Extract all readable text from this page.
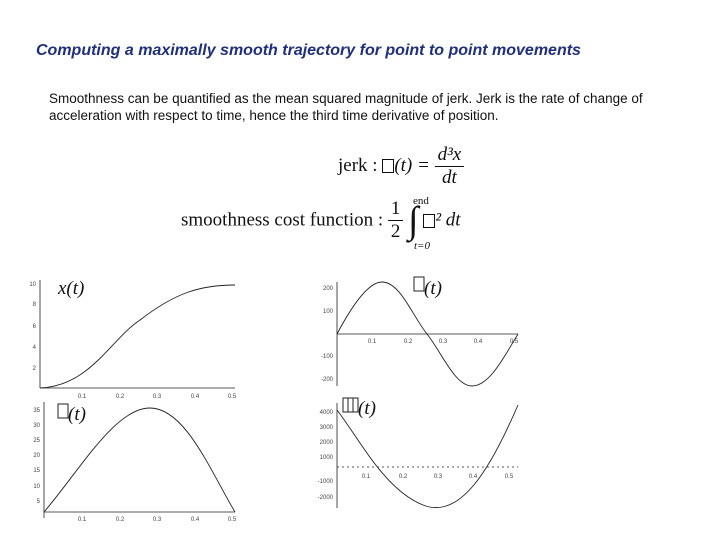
Computing a maximally smooth trajectory for point to point movements
Smoothness can be quantified as the mean squared magnitude of jerk. Jerk is the rate of change of acceleration with respect to time, hence the third time derivative of position.
jerk : $(t) = \frac{\text{d³x}}{dt}$
smoothness cost function : $\frac{1}{2}$ ∫ ² dt
end
t=0
x(t)
10
8
6
4
2
0.1	0.2	0.3	0.4	0.5
(t)
200
100
-100
-200
0.1	0.2	0.3	0.4	0.5
(t)
35
30
25
20
15
10
5
0.1	0.2	0.3	0.4	0.5
(t)
4000
3000
2000
1000
-1000
-2000
0.1	0.2	0.3	0.4	0.5
